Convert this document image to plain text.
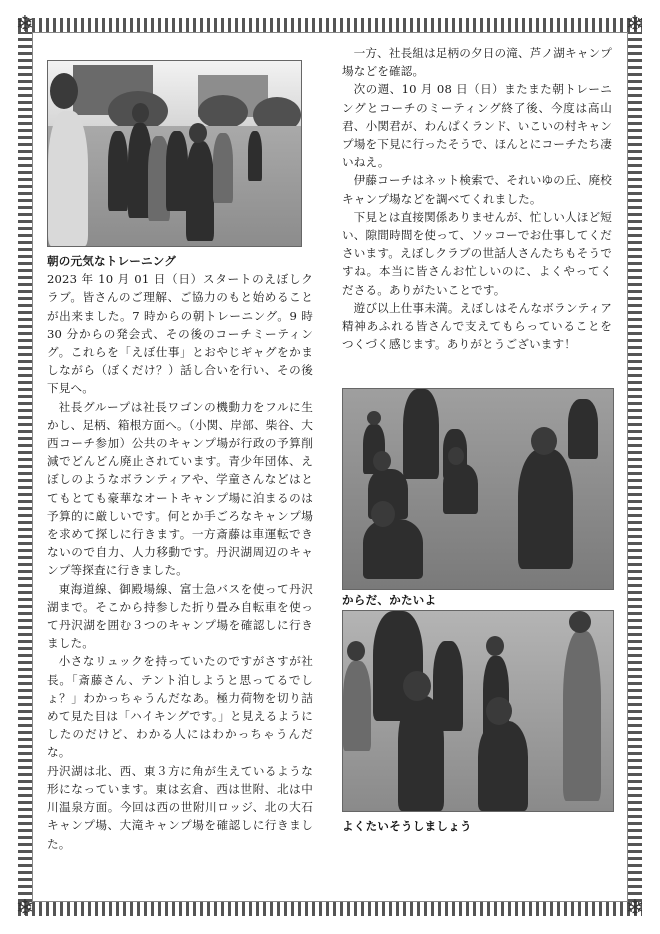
❄	❄
❄	❄

朝の元気なトレーニング

2023 年 10 月 01 日（日）スタートのえぼしクラブ。皆さんのご理解、ご協力のもと始めることが出来ました。7 時からの朝トレーニング。9 時 30 分からの発会式、その後のコーチミーティング。これらを「えぼ仕事」とおやじギャグをかましながら（ぼくだけ？）話し合いを行い、その後下見へ。

社長グループは社長ワゴンの機動力をフルに生かし、足柄、箱根方面へ。（小関、岸部、柴谷、大西コーチ参加）公共のキャンプ場が行政の予算削減でどんどん廃止されています。青少年団体、えぼしのようなボランティアや、学童さんなどはとてもとても豪華なオートキャンプ場に泊まるのは予算的に厳しいです。何とか手ごろなキャンプ場を求めて探しに行きます。一方斎藤は車運転できないので自力、人力移動です。丹沢湖周辺のキャンプ等探査に行きました。

東海道線、御殿場線、富士急バスを使って丹沢湖まで。そこから持参した折り畳み自転車を使って丹沢湖を囲む３つのキャンプ場を確認しに行きました。

小さなリュックを持っていたのですがさすが社長。「斎藤さん、テント泊しようと思ってるでしょ？」わかっちゃうんだなあ。極力荷物を切り詰めて見た目は「ハイキングです。」と見えるようにしたのだけど、わかる人にはわかっちゃうんだな。

丹沢湖は北、西、東３方に角が生えているような形になっています。東は玄倉、西は世附、北は中川温泉方面。今回は西の世附川ロッジ、北の大石キャンプ場、大滝キャンプ場を確認しに行きました。

一方、社長組は足柄の夕日の滝、芦ノ湖キャンプ場などを確認。

次の週、10 月 08 日（日）またまた朝トレーニングとコーチのミーティング終了後、今度は高山君、小関君が、わんぱくランド、いこいの村キャンプ場を下見に行ったそうで、ほんとにコーチたち凄いねえ。

伊藤コーチはネット検索で、それいゆの丘、廃校キャンプ場などを調べてくれました。

下見とは直接関係ありませんが、忙しい人ほど短い、隙間時間を使って、ソッコーでお仕事してくださいます。えぼしクラブの世話人さんたちもそうですね。本当に皆さんお忙しいのに、よくやってくださる。ありがたいことです。

遊び以上仕事未満。えぼしはそんなボランティア精神あふれる皆さんで支えてもらっていることをつくづく感じます。ありがとうございます！

からだ、かたいよ
よくたいそうしましょう
